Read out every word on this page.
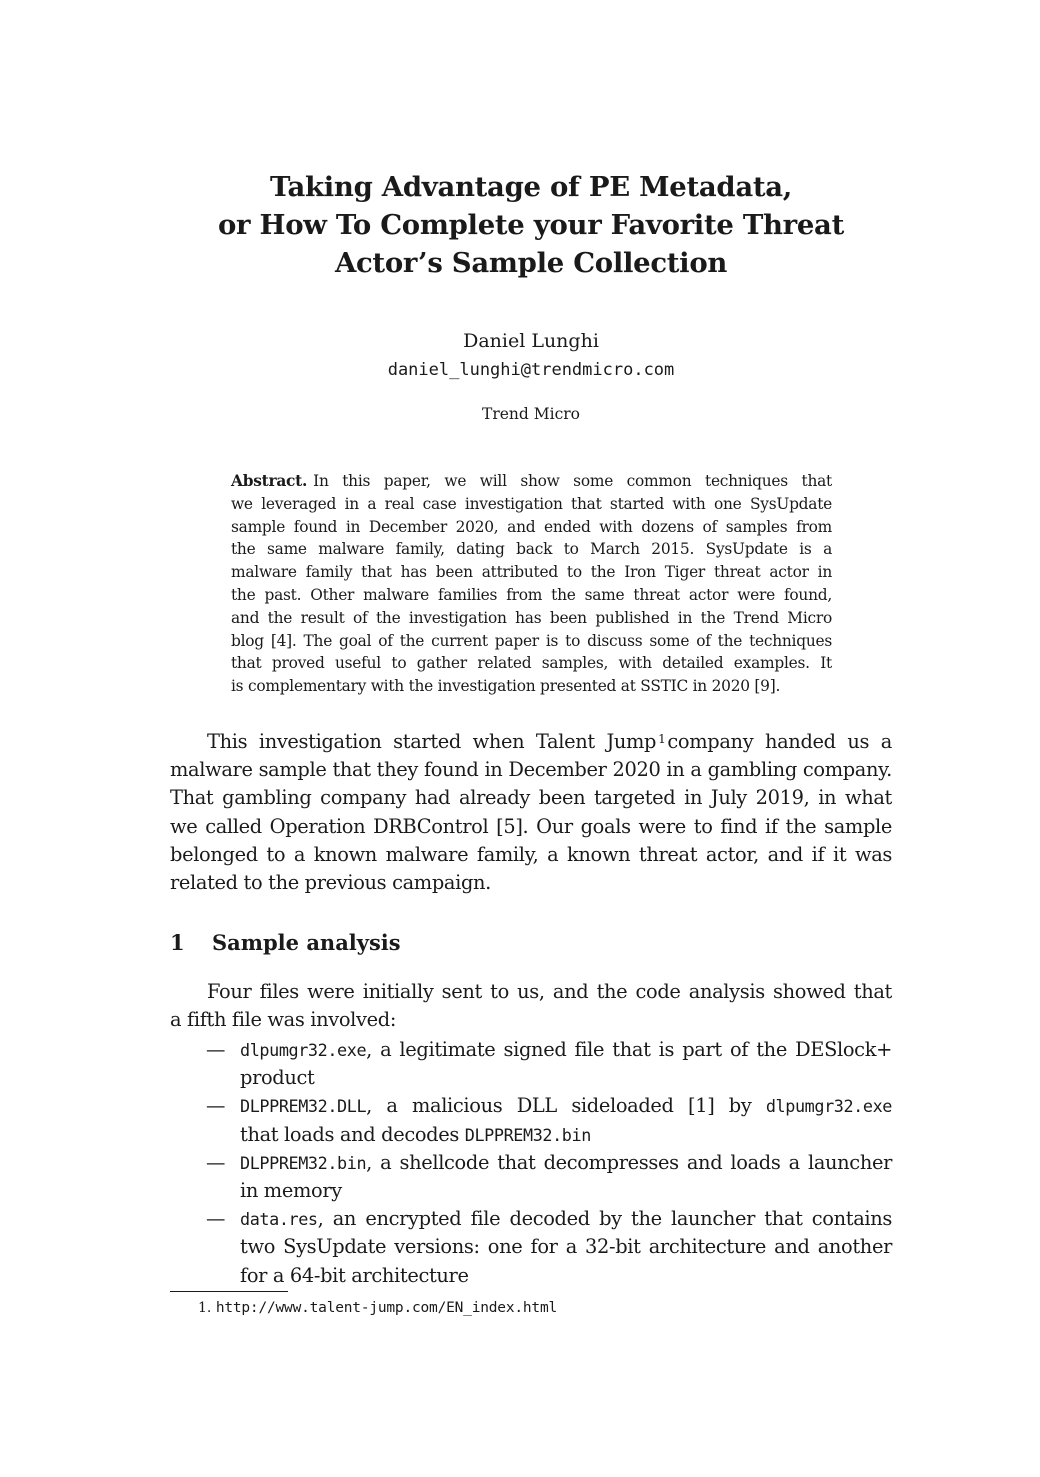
Taking Advantage of PE Metadata,
or How To Complete your Favorite Threat
Actor’s Sample Collection
Daniel Lunghi
daniel_lunghi@trendmicro.com
Trend Micro
Abstract. In this paper, we will show some common techniques that
we leveraged in a real case investigation that started with one SysUpdate
sample found in December 2020, and ended with dozens of samples from
the same malware family, dating back to March 2015. SysUpdate is a
malware family that has been attributed to the Iron Tiger threat actor in
the past. Other malware families from the same threat actor were found,
and the result of the investigation has been published in the Trend Micro
blog [4]. The goal of the current paper is to discuss some of the techniques
that proved useful to gather related samples, with detailed examples. It
is complementary with the investigation presented at SSTIC in 2020 [9].
This investigation started when Talent Jump $^1$ company handed us a
malware sample that they found in December 2020 in a gambling company.
That gambling company had already been targeted in July 2019, in what
we called Operation DRBControl [5]. Our goals were to find if the sample
belonged to a known malware family, a known threat actor, and if it was
related to the previous campaign.
1 Sample analysis
Four files were initially sent to us, and the code analysis showed that
a fifth file was involved:
— dlpumgr32.exe, a legitimate signed file that is part of the DESlock+
product
— DLPPREM32.DLL, a malicious DLL sideloaded [1] by dlpumgr32.exe
that loads and decodes DLPPREM32.bin
— DLPPREM32.bin, a shellcode that decompresses and loads a launcher
in memory
— data.res, an encrypted file decoded by the launcher that contains
two SysUpdate versions: one for a 32-bit architecture and another
for a 64-bit architecture
1. http://www.talent-jump.com/EN_index.html
